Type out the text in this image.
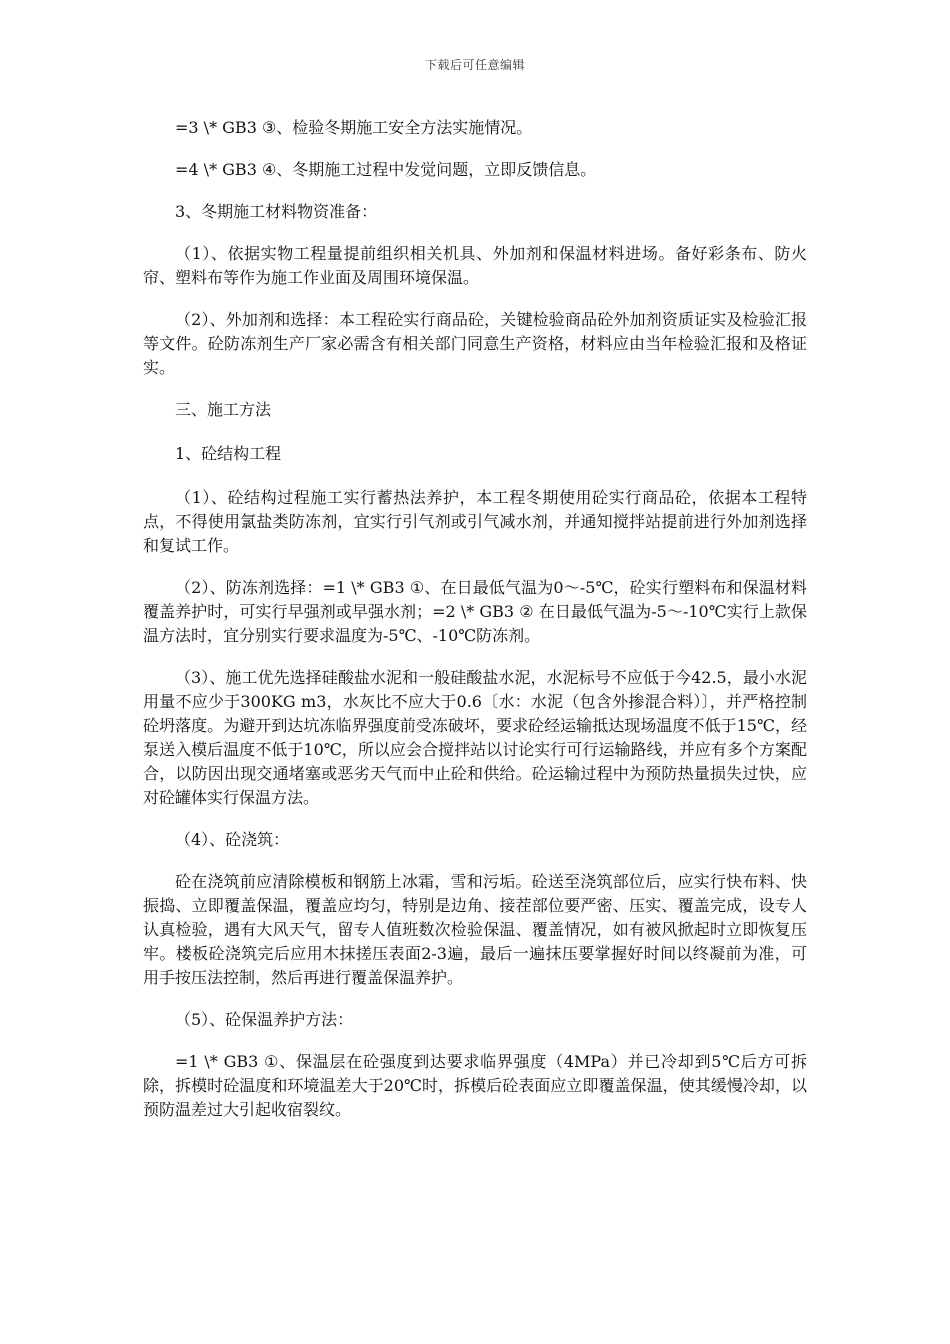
下载后可任意编辑

=3 \* GB3 ③、检验冬期施工安全方法实施情况。

=4 \* GB3 ④、冬期施工过程中发觉问题，立即反馈信息。

3、冬期施工材料物资准备：

（1）、依据实物工程量提前组织相关机具、外加剂和保温材料进场。备好彩条布、防火帘、塑料布等作为施工作业面及周围环境保温。

（2）、外加剂和选择：本工程砼实行商品砼，关键检验商品砼外加剂资质证实及检验汇报等文件。砼防冻剂生产厂家必需含有相关部门同意生产资格，材料应由当年检验汇报和及格证实。

三、施工方法

1、砼结构工程

（1）、砼结构过程施工实行蓄热法养护，本工程冬期使用砼实行商品砼，依据本工程特点，不得使用氯盐类防冻剂，宜实行引气剂或引气减水剂，并通知搅拌站提前进行外加剂选择和复试工作。

（2）、防冻剂选择：=1 \* GB3 ①、在日最低气温为0～-5℃，砼实行塑料布和保温材料覆盖养护时，可实行早强剂或早强水剂；=2 \* GB3 ② 在日最低气温为-5～-10℃实行上款保温方法时，宜分别实行要求温度为-5℃、-10℃防冻剂。

（3）、施工优先选择硅酸盐水泥和一般硅酸盐水泥，水泥标号不应低于今42.5，最小水泥用量不应少于300KG m3，水灰比不应大于0.6〔水：水泥（包含外掺混合料）〕，并严格控制砼坍落度。为避开到达坑冻临界强度前受冻破坏，要求砼经运输抵达现场温度不低于15℃，经泵送入模后温度不低于10℃，所以应会合搅拌站以讨论实行可行运输路线，并应有多个方案配合，以防因出现交通堵塞或恶劣天气而中止砼和供给。砼运输过程中为预防热量损失过快，应对砼罐体实行保温方法。

（4）、砼浇筑：

砼在浇筑前应清除模板和钢筋上冰霜，雪和污垢。砼送至浇筑部位后，应实行快布料、快振捣、立即覆盖保温，覆盖应均匀，特别是边角、接茬部位要严密、压实、覆盖完成，设专人认真检验，遇有大风天气，留专人值班数次检验保温、覆盖情况，如有被风掀起时立即恢复压牢。楼板砼浇筑完后应用木抹搓压表面2-3遍，最后一遍抹压要掌握好时间以终凝前为准，可用手按压法控制，然后再进行覆盖保温养护。

（5）、砼保温养护方法：

=1 \* GB3 ①、保温层在砼强度到达要求临界强度（4MPa）并已冷却到5℃后方可拆除，拆模时砼温度和环境温差大于20℃时，拆模后砼表面应立即覆盖保温，使其缓慢冷却，以预防温差过大引起收宿裂纹。
